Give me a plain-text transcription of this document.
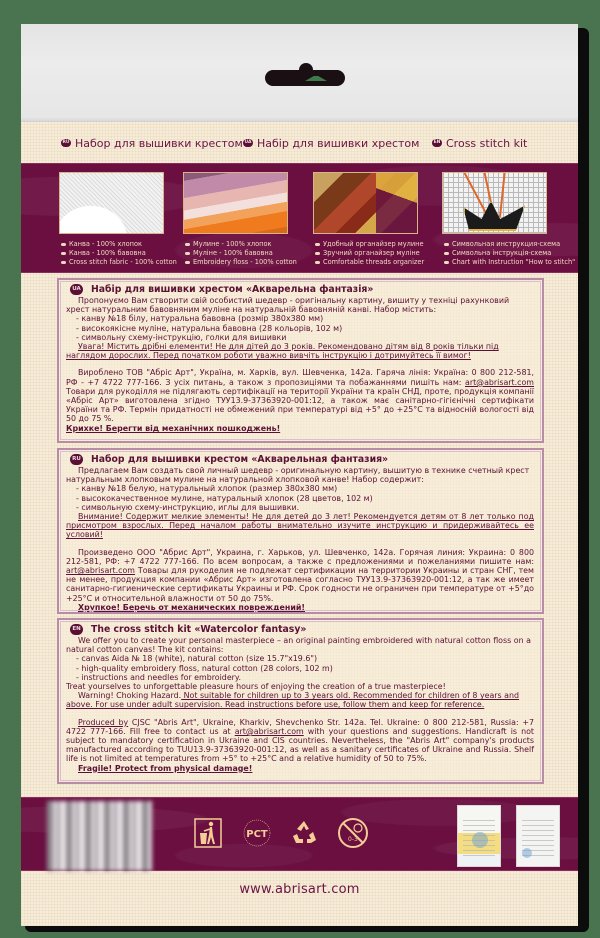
RU Набор для вышивки крестом UA Набір для вишивки хрестом	EN Cross stitch kit
Канва - 100% хлопок
Канва - 100% бавовна
Cross stitch fabric - 100% cotton
Мулине - 100% хлопок
Муліне - 100% бавовна
Embroidery floss - 100% cotton
Удобный органайзер мулине
Зручний органайзер муліне
Comfortable threads organizer
Символьная инструкция-схема
Символьна інструкція-схема
Chart with Instruction "How to stitch"
UA Набір для вишивки хрестом «Акварельна фантазія»
Пропонуємо Вам створити свій особистий шедевр - оригінальну картину, вишиту у техніці рахунковий хрест натуральним бавовняним муліне на натуральній бавовняній канві. Набор містить:
- канву №18 білу, натуральна бавовна (розмір 380х380 мм)
- високоякісне муліне, натуральна бавовна (28 кольорів, 102 м)
- символьну схему-інструкцію, голки для вишивки
Увага! Містить дрібні елементи! Не для дітей до 3 років. Рекомендовано дітям від 8 років тільки під наглядом дорослих. Перед початком роботи уважно вивчіть інструкцію і дотримуйтесь її вимог!
Вироблено ТОВ "Абріс Арт", Україна, м. Харків, вул. Шевченка, 142а. Гаряча лінія: Україна: 0 800 212-581, РФ - +7 4722 777-166. З усіх питань, а також з пропозиціями та побажаннями пишіть нам: art@abrisart.com Товари для рукоділля не підлягають сертифікації на території України та країн СНД, проте, продукція компанії «Абріс Арт» виготовлена згідно ТУУ13.9-37363920-001:12, а також має санітарно-гігієнічні сертифікати України та РФ. Термін придатності не обмежений при температурі від +5° до +25°С та відносній вологості від 50 до 75 %.
Крихке! Берегти від механічних пошкоджень!
RU Набор для вышивки крестом «Акварельная фантазия»
Предлагаем Вам создать свой личный шедевр - оригинальную картину, вышитую в технике счетный крест натуральным хлопковым мулине на натуральной хлопковой канве! Набор содержит:
- канву №18 белую, натуральный хлопок (размер 380х380 мм)
- высококачественное мулине, натуральный хлопок (28 цветов, 102 м)
- символьную схему-инструкцию, иглы для вышивки.
Внимание! Содержит мелкие элементы! Не для детей до 3 лет! Рекомендуется детям от 8 лет только под присмотром взрослых. Перед началом работы внимательно изучите инструкцию и придерживайтесь ее условий!
Произведено ООО "Абрис Арт", Украина, г. Харьков, ул. Шевченко, 142а. Горячая линия: Украина: 0 800 212-581, РФ: +7 4722 777-166. По всем вопросам, а также с предложениями и пожеланиями пишите нам: art@abrisart.com Товары для рукоделия не подлежат сертификации на территории Украины и стран СНГ, тем не менее, продукция компании «Абрис Арт» изготовлена согласно ТУУ13.9-37363920-001:12, а так же имеет санитарно-гигиенические сертификаты Украины и РФ. Срок годности не ограничен при температуре от +5°до +25°С и относительной влажности от 50 до 75%.
Хрупкое! Беречь от механических повреждений!
EN The cross stitch kit «Watercolor fantasy»
We offer you to create your personal masterpiece – an original painting embroidered with natural cotton floss on a natural cotton canvas! The kit contains:
- canvas Aida № 18 (white), natural cotton (size 15.7"x19.6")
- high-quality embroidery floss, natural cotton (28 colors, 102 m)
- instructions and needles for embroidery.
Treat yourselves to unforgettable pleasure hours of enjoying the creation of a true masterpiece!
Warning! Choking Hazard. Not suitable for children up to 3 years old. Recommended for children of 8 years and above. For use under adult supervision. Read instructions before use, follow them and keep for reference.
Produced by CJSC "Abris Art", Ukraine, Kharkiv, Shevchenko Str. 142a. Tel. Ukraine: 0 800 212-581, Russia: +7 4722 777-166. Fill free to contact us at art@abrisart.com with your questions and suggestions. Handicraft is not subject to mandatory certification in Ukraine and CIS countries. Nevertheless, the "Abris Art" company's products manufactured according to TUU13.9-37363920-001:12, as well as a sanitary certificates of Ukraine and Russia. Shelf life is not limited at temperatures from +5° to +25°C and a relative humidity of 50 to 75%.
Fragile! Protect from physical damage!
РСТ	0-3
www.abrisart.com
